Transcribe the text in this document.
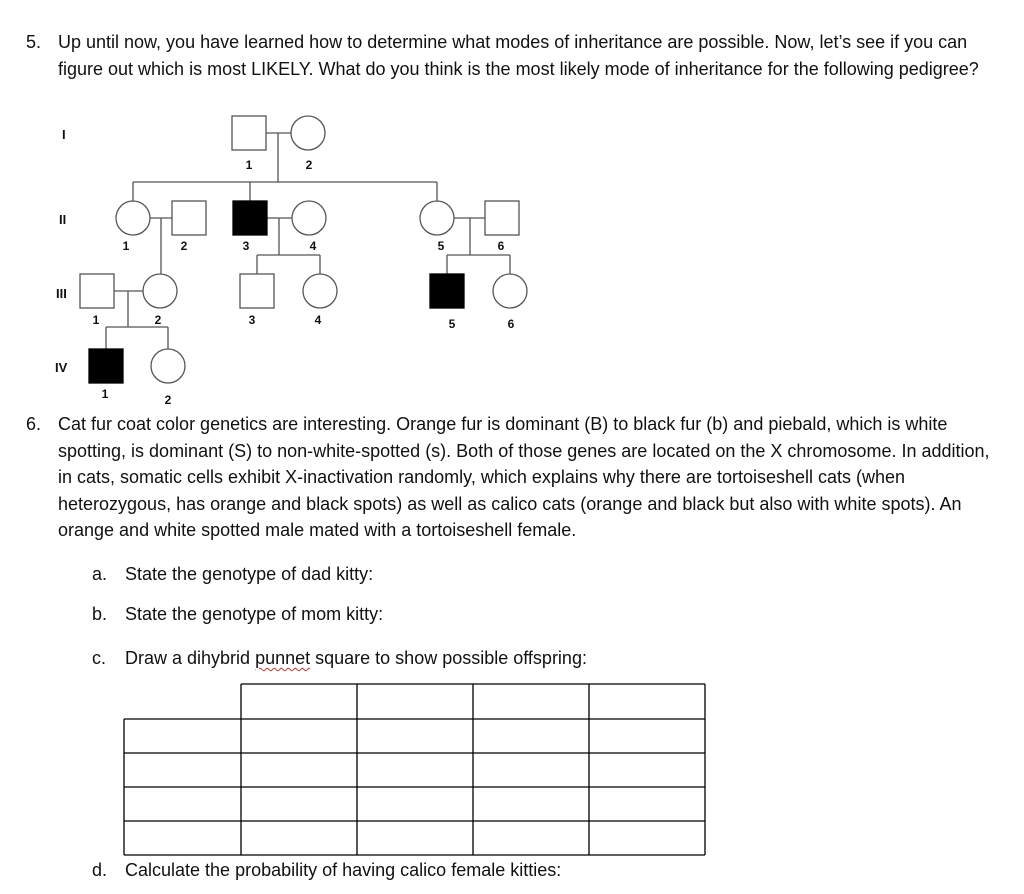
5. Up until now, you have learned how to determine what modes of inheritance are possible. Now, let’s see if you can figure out which is most LIKELY. What do you think is the most likely mode of inheritance for the following pedigree?
I
II
III
IV
1	2
1	2	3	4	5	6
1	2	3	4	5	6
1	2
6. Cat fur coat color genetics are interesting. Orange fur is dominant (B) to black fur (b) and piebald, which is white spotting, is dominant (S) to non-white-spotted (s). Both of those genes are located on the X chromosome. In addition, in cats, somatic cells exhibit X-inactivation randomly, which explains why there are tortoiseshell cats (when heterozygous, has orange and black spots) as well as calico cats (orange and black but also with white spots). An orange and white spotted male mated with a tortoiseshell female.
a. State the genotype of dad kitty:
b. State the genotype of mom kitty:
c. Draw a dihybrid punnet square to show possible offspring:
d. Calculate the probability of having calico female kitties:
